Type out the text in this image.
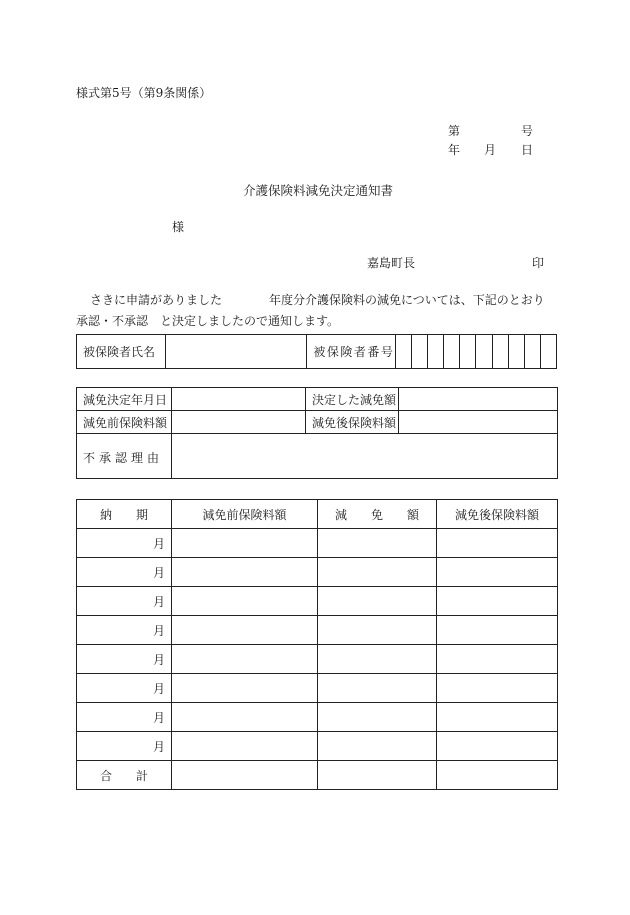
様式第5号（第9条関係）
第	号
年 月 日
介護保険料減免決定通知書
様
嘉島町長	印
さきに申請がありました	年度分介護保険料の減免については、下記のとおり
承認・不承認 と決定しましたので通知します。
被保険者氏名		被保険者番号										
減免決定年月日		決定した減免額	
減免前保険料額		減免後保険料額	
不承認理由			
納　　期	減免前保険料額	減　　免　　額	減免後保険料額
月			
月			
月			
月			
月			
月			
月			
月			
合　　計			
